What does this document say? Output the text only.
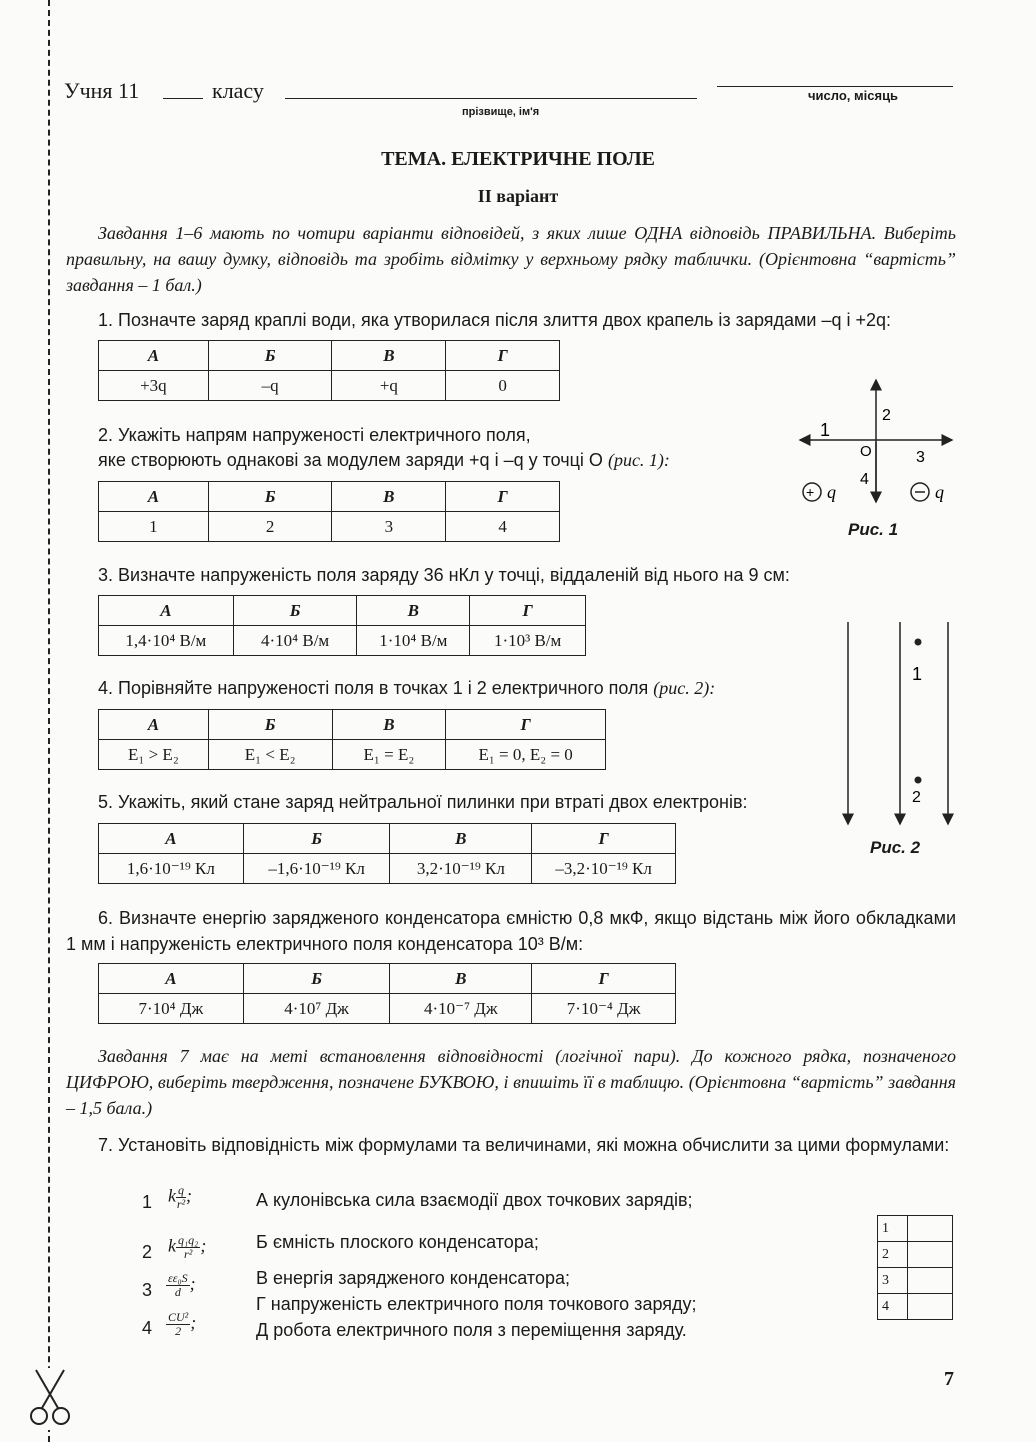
Учня 11	класу
прізвище, ім'я
число, місяць
ТЕМА. ЕЛЕКТРИЧНЕ ПОЛЕ
ІІ варіант
Завдання 1–6 мають по чотири варіанти відповідей, з яких лише ОДНА відповідь ПРАВИЛЬНА. Виберіть правильну, на вашу думку, відповідь та зробіть відмітку у верхньому рядку таблички. (Орієнтовна “вартість” завдання – 1 бал.)
1. Позначте заряд краплі води, яка утворилася після злиття двох крапель із зарядами –q і +2q:
А	Б	В	Г
+3q	–q	+q	0
2. Укажіть напрям напруженості електричного поля,
яке створюють однакові за модулем заряди +q і –q у точці O (рис. 1):
А	Б	В	Г
1	2	3	4
1
2
3
4
O
+ q	q
Рис. 1
3. Визначте напруженість поля заряду 36 нКл у точці, віддаленій від нього на 9 см:
А	Б	В	Г
1,4·10⁴ В/м	4·10⁴ В/м	1·10⁴ В/м	1·10³ В/м
1
2
Рис. 2
4. Порівняйте напруженості поля в точках 1 і 2 електричного поля (рис. 2):
А	Б	В	Г
E₁ > E₂	E₁ < E₂	E₁ = E₂	E₁ = 0, E₂ = 0
5. Укажіть, який стане заряд нейтральної пилинки при втраті двох електронів:
А	Б	В	Г
1,6·10⁻¹⁹ Кл	–1,6·10⁻¹⁹ Кл	3,2·10⁻¹⁹ Кл	–3,2·10⁻¹⁹ Кл
6. Визначте енергію зарядженого конденсатора ємністю 0,8 мкФ, якщо відстань між його обкладками 1 мм і напруженість електричного поля конденсатора 10³ В/м:
А	Б	В	Г
7·10⁴ Дж	4·10⁷ Дж	4·10⁻⁷ Дж	7·10⁻⁴ Дж
Завдання 7 має на меті встановлення відповідності (логічної пари). До кожного рядка, позначеного ЦИФРОЮ, виберіть твердження, позначене БУКВОЮ, і впишіть її в таблицю. (Орієнтовна “вартість” завдання – 1,5 бала.)
7. Установіть відповідність між формулами та величинами, які можна обчислити за цими формулами:
1 k $\frac{q}{\text{r²}}$ ;
2 k $\frac{\text{q₁q₂}}{\text{r²}}$ ;
$3 \frac{\text{εε₀S}}{d}$ ;
$4 \frac{\text{CU²}}{2}$ ;
А кулонівська сила взаємодії двох точкових зарядів;
Б ємність плоского конденсатора;
В енергія зарядженого конденсатора;
Г напруженість електричного поля точкового заряду;
Д робота електричного поля з переміщення заряду.
1	
2	
3	
4	
7
